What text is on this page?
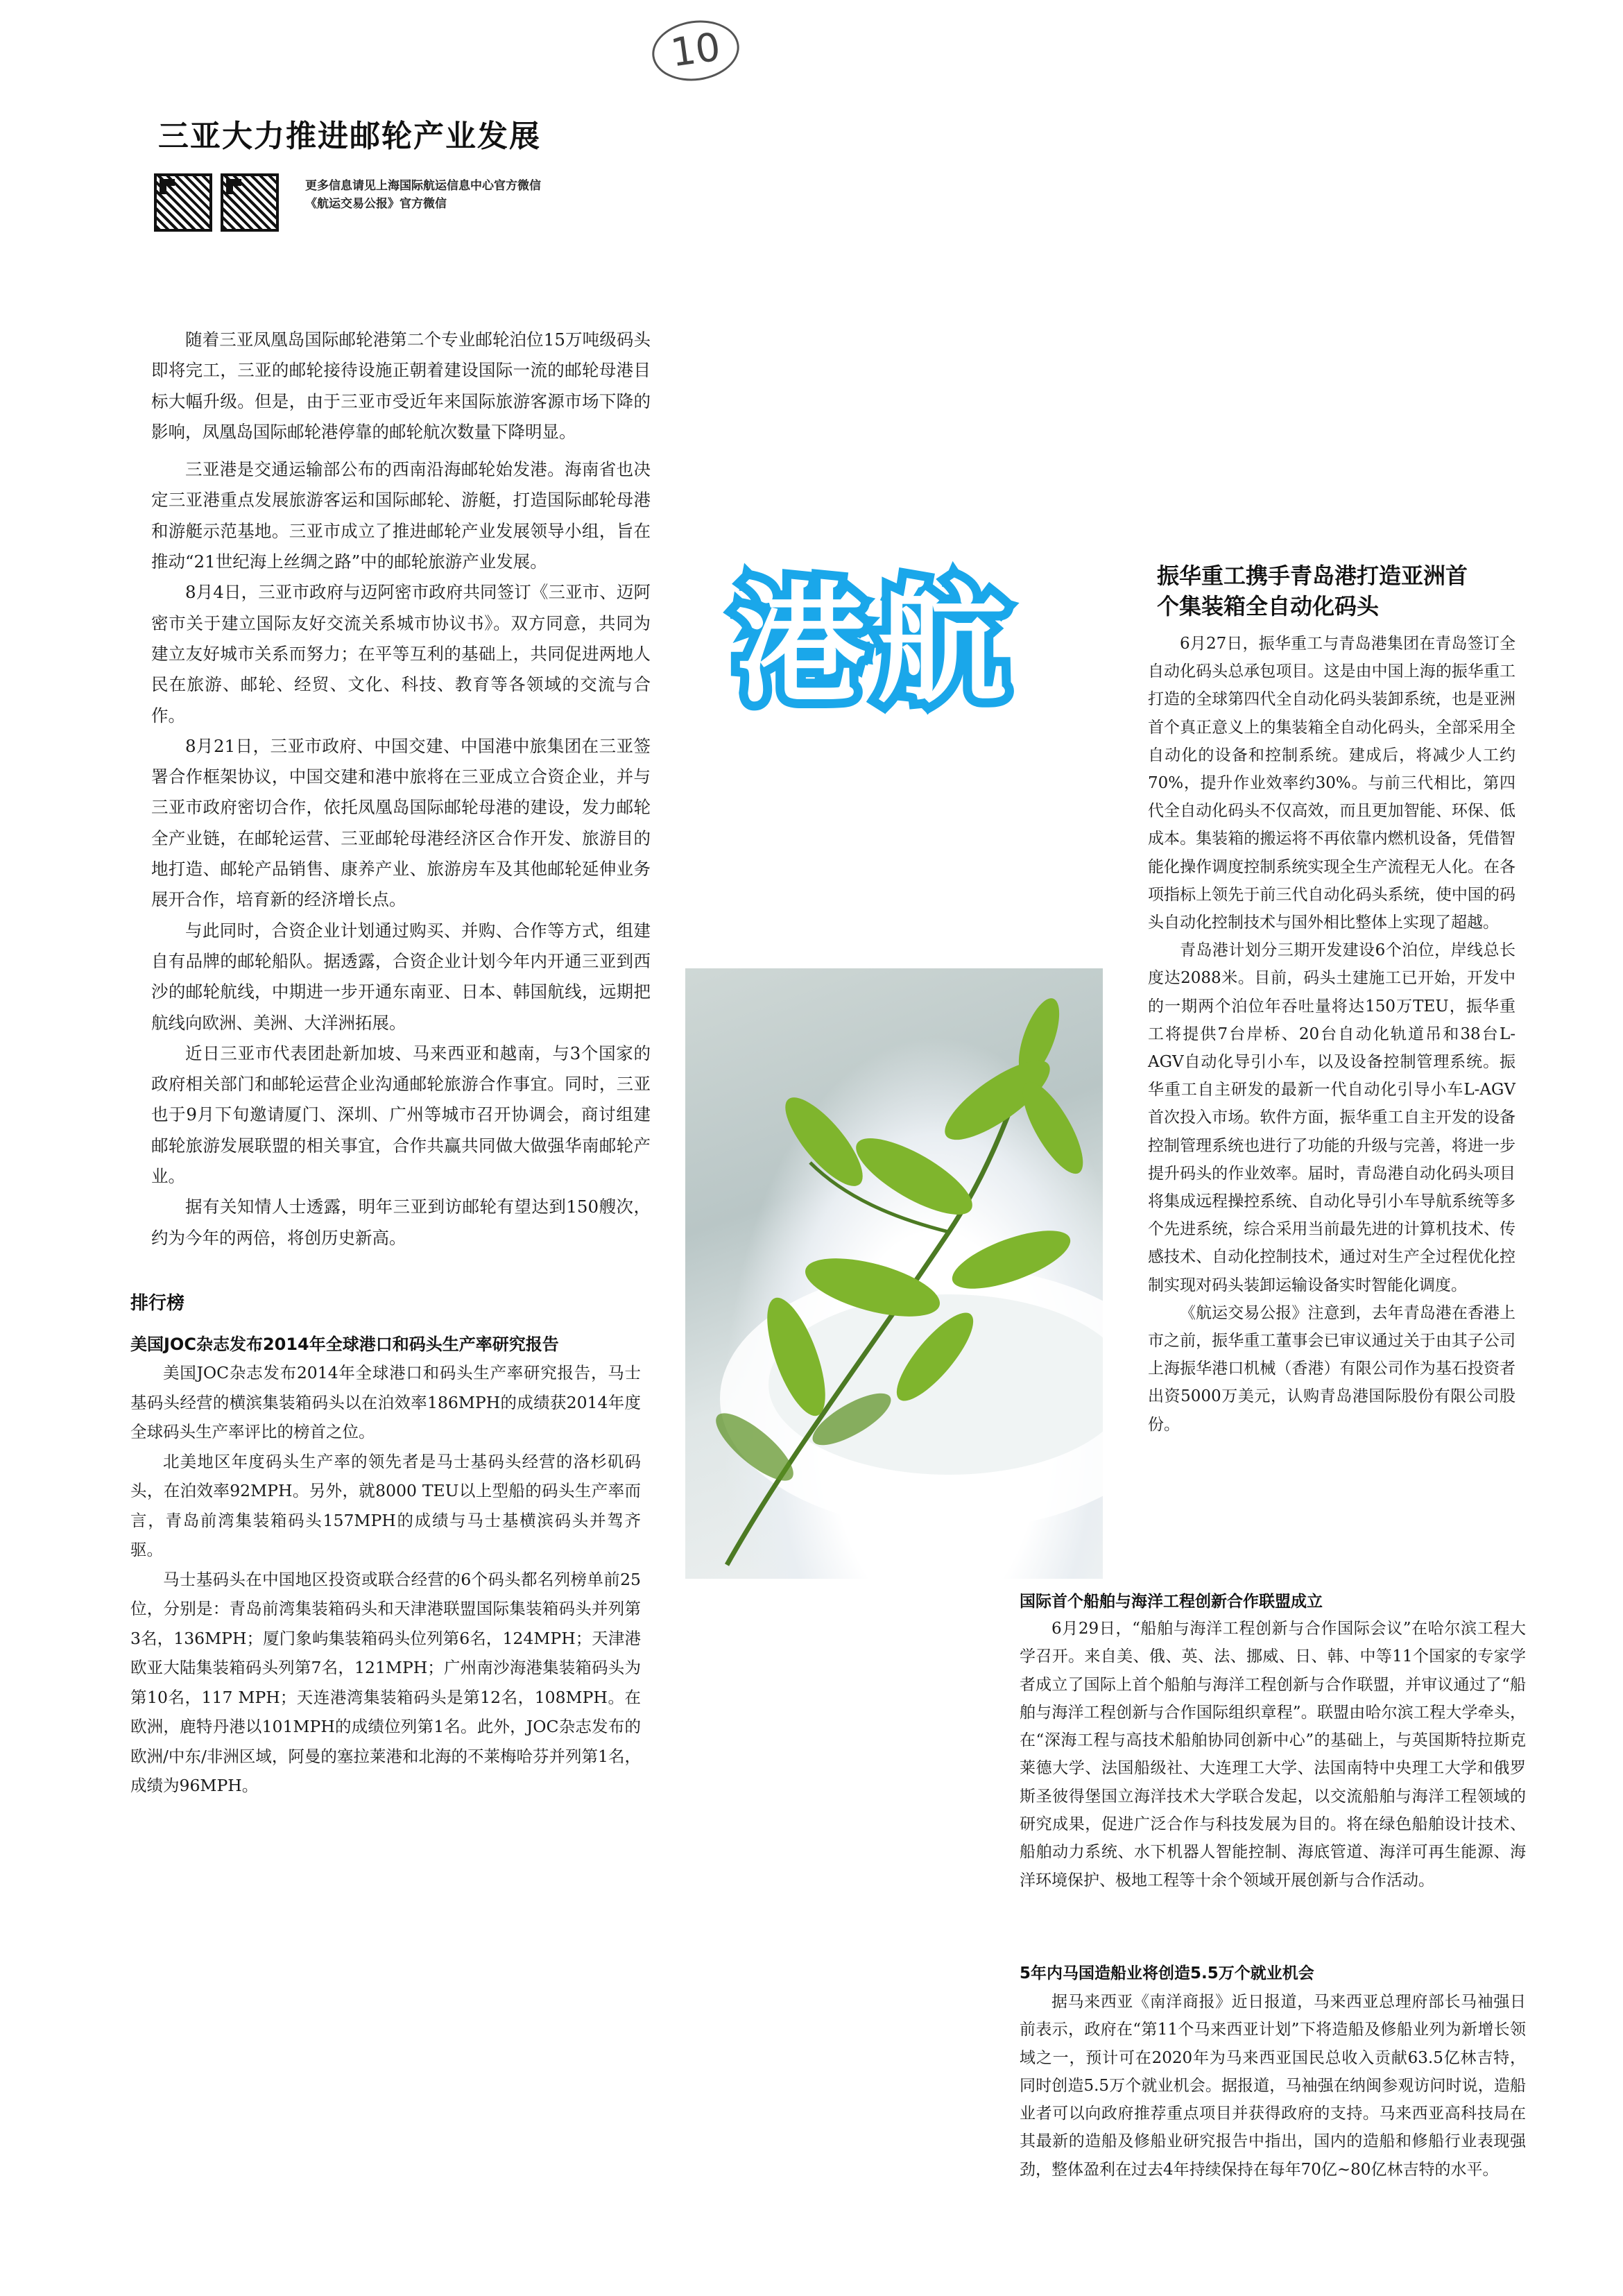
10
三亚大力推进邮轮产业发展
更多信息请见上海国际航运信息中心官方微信
《航运交易公报》官方微信

随着三亚凤凰岛国际邮轮港第二个专业邮轮泊位15万吨级码头即将完工，三亚的邮轮接待设施正朝着建设国际一流的邮轮母港目标大幅升级。但是，由于三亚市受近年来国际旅游客源市场下降的影响，凤凰岛国际邮轮港停靠的邮轮航次数量下降明显。

三亚港是交通运输部公布的西南沿海邮轮始发港。海南省也决定三亚港重点发展旅游客运和国际邮轮、游艇，打造国际邮轮母港和游艇示范基地。三亚市成立了推进邮轮产业发展领导小组，旨在推动“21世纪海上丝绸之路”中的邮轮旅游产业发展。

8月4日，三亚市政府与迈阿密市政府共同签订《三亚市、迈阿密市关于建立国际友好交流关系城市协议书》。双方同意，共同为建立友好城市关系而努力；在平等互利的基础上，共同促进两地人民在旅游、邮轮、经贸、文化、科技、教育等各领域的交流与合作。

8月21日，三亚市政府、中国交建、中国港中旅集团在三亚签署合作框架协议，中国交建和港中旅将在三亚成立合资企业，并与三亚市政府密切合作，依托凤凰岛国际邮轮母港的建设，发力邮轮全产业链，在邮轮运营、三亚邮轮母港经济区合作开发、旅游目的地打造、邮轮产品销售、康养产业、旅游房车及其他邮轮延伸业务展开合作，培育新的经济增长点。

与此同时，合资企业计划通过购买、并购、合作等方式，组建自有品牌的邮轮船队。据透露，合资企业计划今年内开通三亚到西沙的邮轮航线，中期进一步开通东南亚、日本、韩国航线，远期把航线向欧洲、美洲、大洋洲拓展。

近日三亚市代表团赴新加坡、马来西亚和越南，与3个国家的政府相关部门和邮轮运营企业沟通邮轮旅游合作事宜。同时，三亚也于9月下旬邀请厦门、深圳、广州等城市召开协调会，商讨组建邮轮旅游发展联盟的相关事宜，合作共赢共同做大做强华南邮轮产业。

据有关知情人士透露，明年三亚到访邮轮有望达到150艘次，约为今年的两倍，将创历史新高。

港航
排行榜
美国JOC杂志发布2014年全球港口和码头生产率研究报告

美国JOC杂志发布2014年全球港口和码头生产率研究报告，马士基码头经营的横滨集装箱码头以在泊效率186MPH的成绩获2014年度全球码头生产率评比的榜首之位。

北美地区年度码头生产率的领先者是马士基码头经营的洛杉矶码头，在泊效率92MPH。另外，就8000 TEU以上型船的码头生产率而言，青岛前湾集装箱码头157MPH的成绩与马士基横滨码头并驾齐驱。

马士基码头在中国地区投资或联合经营的6个码头都名列榜单前25位，分别是：青岛前湾集装箱码头和天津港联盟国际集装箱码头并列第3名，136MPH；厦门象屿集装箱码头位列第6名，124MPH；天津港欧亚大陆集装箱码头列第7名，121MPH；广州南沙海港集装箱码头为第10名，117 MPH；天连港湾集装箱码头是第12名，108MPH。在欧洲，鹿特丹港以101MPH的成绩位列第1名。此外，JOC杂志发布的欧洲/中东/非洲区域，阿曼的塞拉莱港和北海的不莱梅哈芬并列第1名，成绩为96MPH。

振华重工携手青岛港打造亚洲首
个集装箱全自动化码头

6月27日，振华重工与青岛港集团在青岛签订全自动化码头总承包项目。这是由中国上海的振华重工打造的全球第四代全自动化码头装卸系统，也是亚洲首个真正意义上的集装箱全自动化码头，全部采用全自动化的设备和控制系统。建成后，将减少人工约70%，提升作业效率约30%。与前三代相比，第四代全自动化码头不仅高效，而且更加智能、环保、低成本。集装箱的搬运将不再依靠内燃机设备，凭借智能化操作调度控制系统实现全生产流程无人化。在各项指标上领先于前三代自动化码头系统，使中国的码头自动化控制技术与国外相比整体上实现了超越。

青岛港计划分三期开发建设6个泊位，岸线总长度达2088米。目前，码头土建施工已开始，开发中的一期两个泊位年吞吐量将达150万TEU，振华重工将提供7台岸桥、20台自动化轨道吊和38台L-AGV自动化导引小车，以及设备控制管理系统。振华重工自主研发的最新一代自动化引导小车L-AGV首次投入市场。软件方面，振华重工自主开发的设备控制管理系统也进行了功能的升级与完善，将进一步提升码头的作业效率。届时，青岛港自动化码头项目将集成远程操控系统、自动化导引小车导航系统等多个先进系统，综合采用当前最先进的计算机技术、传感技术、自动化控制技术，通过对生产全过程优化控制实现对码头装卸运输设备实时智能化调度。

《航运交易公报》注意到，去年青岛港在香港上市之前，振华重工董事会已审议通过关于由其子公司上海振华港口机械（香港）有限公司作为基石投资者出资5000万美元，认购青岛港国际股份有限公司股份。

国际首个船舶与海洋工程创新合作联盟成立

6月29日，“船舶与海洋工程创新与合作国际会议”在哈尔滨工程大学召开。来自美、俄、英、法、挪威、日、韩、中等11个国家的专家学者成立了国际上首个船舶与海洋工程创新与合作联盟，并审议通过了“船舶与海洋工程创新与合作国际组织章程”。联盟由哈尔滨工程大学牵头，在“深海工程与高技术船舶协同创新中心”的基础上，与英国斯特拉斯克莱德大学、法国船级社、大连理工大学、法国南特中央理工大学和俄罗斯圣彼得堡国立海洋技术大学联合发起，以交流船舶与海洋工程领域的研究成果，促进广泛合作与科技发展为目的。将在绿色船舶设计技术、船舶动力系统、水下机器人智能控制、海底管道、海洋可再生能源、海洋环境保护、极地工程等十余个领域开展创新与合作活动。

5年内马国造船业将创造5.5万个就业机会

据马来西亚《南洋商报》近日报道，马来西亚总理府部长马袖强日前表示，政府在“第11个马来西亚计划”下将造船及修船业列为新增长领域之一，预计可在2020年为马来西亚国民总收入贡献63.5亿林吉特，同时创造5.5万个就业机会。据报道，马袖强在纳闽参观访问时说，造船业者可以向政府推荐重点项目并获得政府的支持。马来西亚高科技局在其最新的造船及修船业研究报告中指出，国内的造船和修船行业表现强劲，整体盈利在过去4年持续保持在每年70亿~80亿林吉特的水平。
